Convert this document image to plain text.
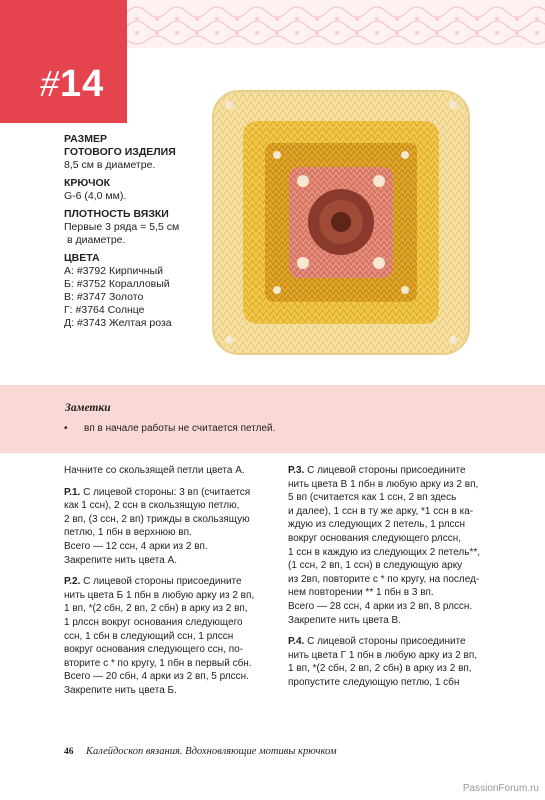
#14
РАЗМЕР
ГОТОВОГО ИЗДЕЛИЯ
8,5 см в диаметре.
КРЮЧОК
G-6 (4,0 мм).
ПЛОТНОСТЬ ВЯЗКИ
Первые 3 ряда = 5,5 см
в диаметре.
ЦВЕТА
А: #3792 Кирпичный
Б: #3752 Коралловый
В: #3747 Золото
Г: #3764 Солнце
Д: #3743 Желтая роза
Заметки
• вп в начале работы не считается петлей.

Начните со скользящей петли цвета А.

Р.1. С лицевой стороны: 3 вп (считается

как 1 ссн), 2 ссн в скользящую петлю,

2 вп, (3 ссн, 2 вп) трижды в скользящую

петлю, 1 пбн в верхнюю вп.

Всего — 12 ссн, 4 арки из 2 вп.

Закрепите нить цвета А.

Р.2. С лицевой стороны присоедините

нить цвета Б 1 пбн в любую арку из 2 вп,

1 вп, *(2 сбн, 2 вп, 2 сбн) в арку из 2 вп,

1 рлссн вокруг основания следующего

ссн, 1 сбн в следующий ссн, 1 рлссн

вокруг основания следующего ссн, по-

вторите с * по кругу, 1 пбн в первый сбн.

Всего — 20 сбн, 4 арки из 2 вп, 5 рлссн.

Закрепите нить цвета Б.

Р.3. С лицевой стороны присоедините

нить цвета В 1 пбн в любую арку из 2 вп,

5 вп (считается как 1 ссн, 2 вп здесь

и далее), 1 ссн в ту же арку, *1 ссн в ка-

ждую из следующих 2 петель, 1 рлссн

вокруг основания следующего рлссн,

1 ссн в каждую из следующих 2 петель**,

(1 ссн, 2 вп, 1 ссн) в следующую арку

из 2вп, повторите с * по кругу, на послед-

нем повторении ** 1 пбн в 3 вп.

Всего — 28 ссн, 4 арки из 2 вп, 8 рлссн.

Закрепите нить цвета В.

Р.4. С лицевой стороны присоедините

нить цвета Г 1 пбн в любую арку из 2 вп,

1 вп, *(2 сбн, 2 вп, 2 сбн) в арку из 2 вп,

пропустите следующую петлю, 1 сбн

46 Калейдоскоп вязания. Вдохновляющие мотивы крючком
PassionForum.ru
